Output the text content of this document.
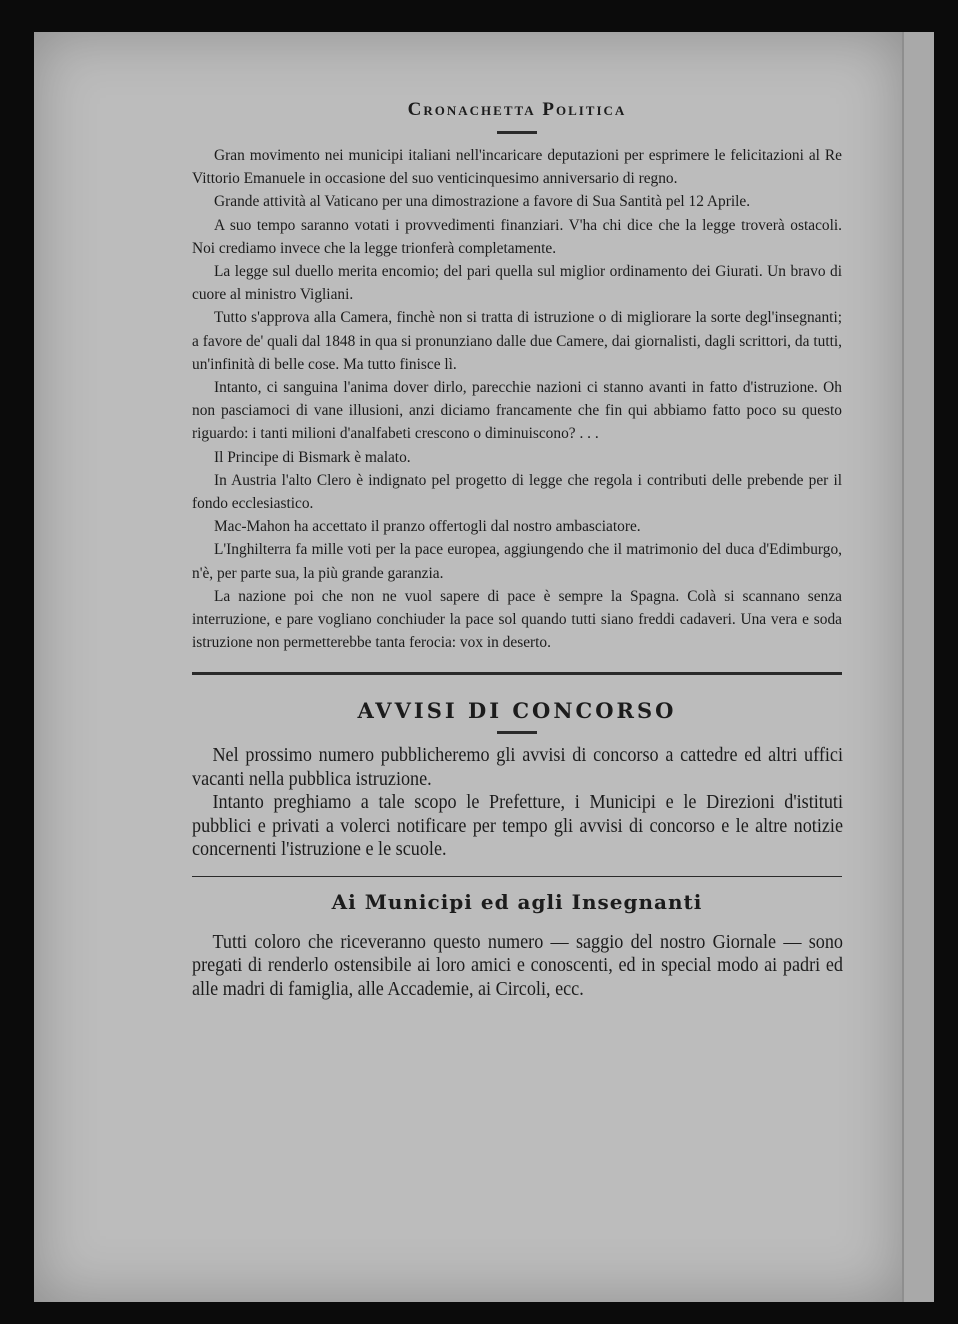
Cronachetta Politica

Gran movimento nei municipi italiani nell'incaricare deputazioni per esprimere le felicitazioni al Re Vittorio Emanuele in occasione del suo venticinquesimo anniversario di regno.

Grande attività al Vaticano per una dimostrazione a favore di Sua Santità pel 12 Aprile.

A suo tempo saranno votati i provvedimenti finanziari. V'ha chi dice che la legge troverà ostacoli. Noi crediamo invece che la legge trionferà completamente.

La legge sul duello merita encomio; del pari quella sul miglior ordinamento dei Giurati. Un bravo di cuore al ministro Vigliani.

Tutto s'approva alla Camera, finchè non si tratta di istruzione o di migliorare la sorte degl'insegnanti; a favore de' quali dal 1848 in qua si pronunziano dalle due Camere, dai giornalisti, dagli scrittori, da tutti, un'infinità di belle cose. Ma tutto finisce lì.

Intanto, ci sanguina l'anima dover dirlo, parecchie nazioni ci stanno avanti in fatto d'istruzione. Oh non pasciamoci di vane illusioni, anzi diciamo francamente che fin qui abbiamo fatto poco su questo riguardo: i tanti milioni d'analfabeti crescono o diminuiscono? . . .

Il Principe di Bismark è malato.

In Austria l'alto Clero è indignato pel progetto di legge che regola i contributi delle prebende per il fondo ecclesiastico.

Mac-Mahon ha accettato il pranzo offertogli dal nostro ambasciatore.

L'Inghilterra fa mille voti per la pace europea, aggiungendo che il matrimonio del duca d'Edimburgo, n'è, per parte sua, la più grande garanzia.

La nazione poi che non ne vuol sapere di pace è sempre la Spagna. Colà si scannano senza interruzione, e pare vogliano conchiuder la pace sol quando tutti siano freddi cadaveri. Una vera e soda istruzione non permetterebbe tanta ferocia: vox in deserto.

AVVISI DI CONCORSO

Nel prossimo numero pubblicheremo gli avvisi di concorso a cattedre ed altri uffici vacanti nella pubblica istruzione.

Intanto preghiamo a tale scopo le Prefetture, i Municipi e le Direzioni d'istituti pubblici e privati a volerci notificare per tempo gli avvisi di concorso e le altre notizie concernenti l'istruzione e le scuole.

Ai Municipi ed agli Insegnanti

Tutti coloro che riceveranno questo numero — saggio del nostro Giornale — sono pregati di renderlo ostensibile ai loro amici e conoscenti, ed in special modo ai padri ed alle madri di famiglia, alle Accademie, ai Circoli, ecc.
